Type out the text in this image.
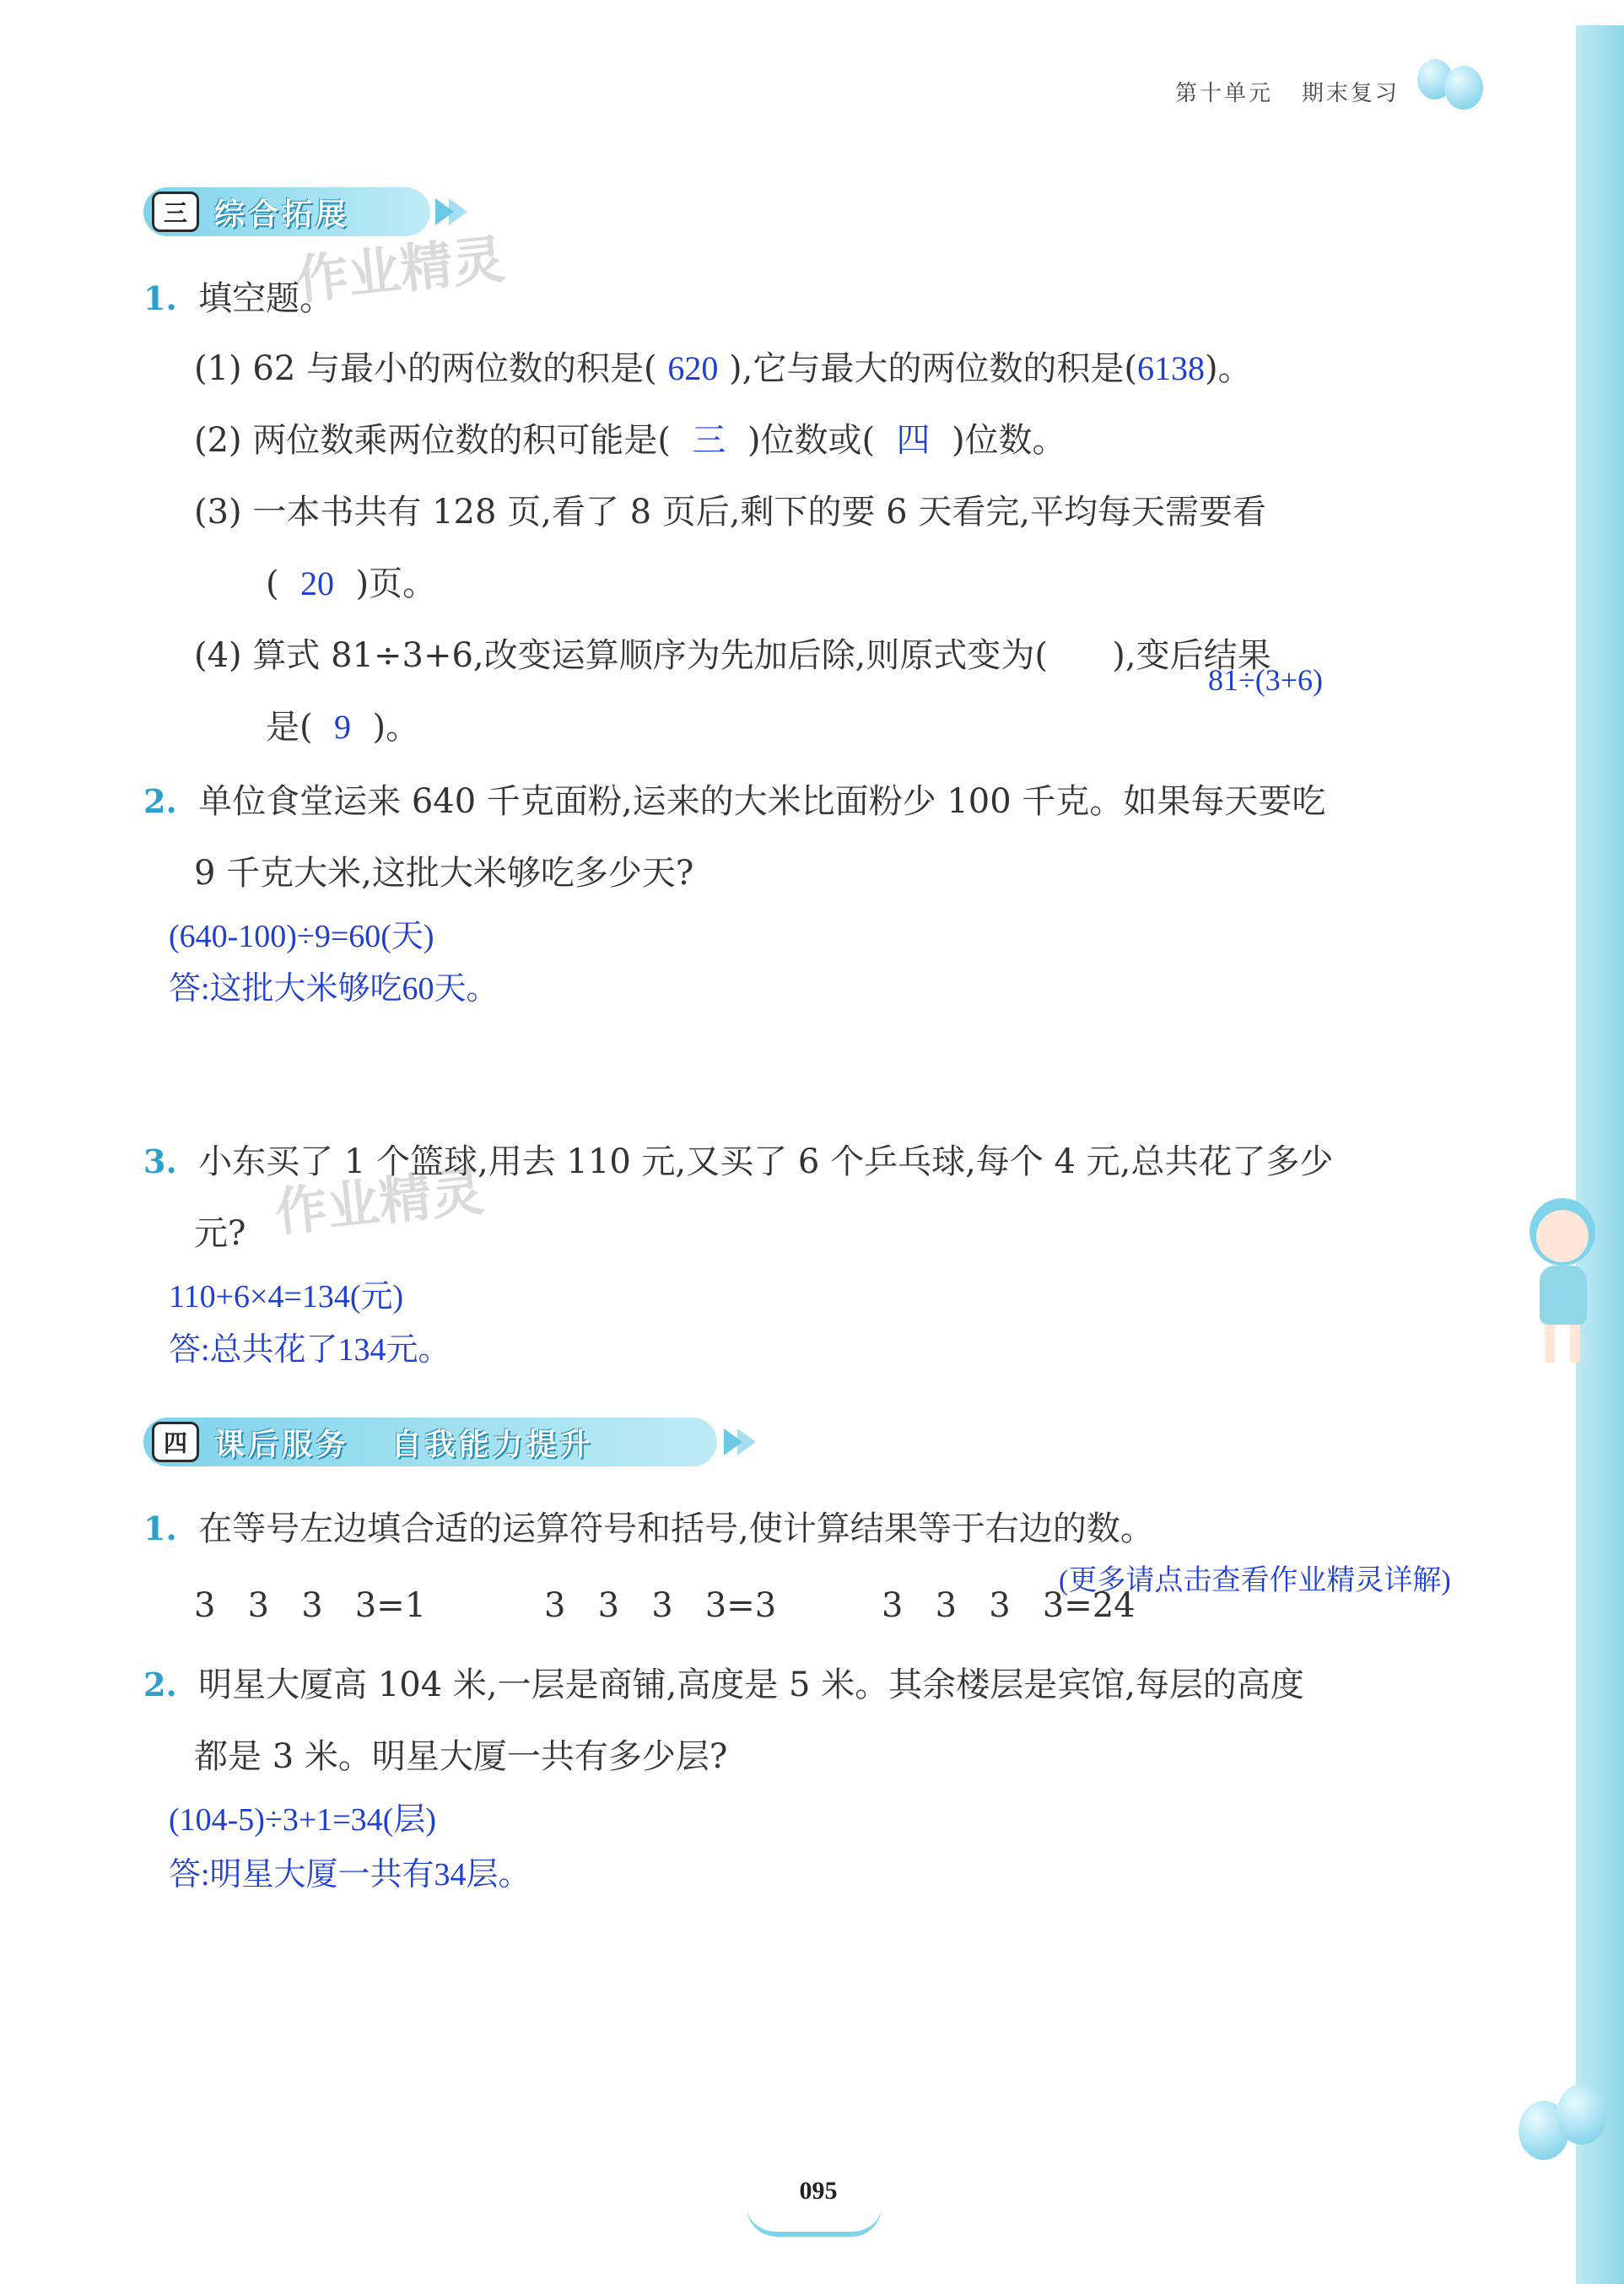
第十单元 期末复习
三 综合拓展
作业精灵
1. 填空题。
(1) 62 与最小的两位数的积是( 620 ),它与最大的两位数的积是(6138)。
(2) 两位数乘两位数的积可能是( 三 )位数或( 四 )位数。
(3) 一本书共有 128 页,看了 8 页后,剩下的要 6 天看完,平均每天需要看
( 20 )页。
(4) 算式 81÷3+6,改变运算顺序为先加后除,则原式变为( ),变后结果
81÷(3+6)
是( 9 )。
2. 单位食堂运来 640 千克面粉,运来的大米比面粉少 100 千克。如果每天要吃
9 千克大米,这批大米够吃多少天?
(640-100)÷9=60(天)
答:这批大米够吃60天。
3. 小东买了 1 个篮球,用去 110 元,又买了 6 个乒乓球,每个 4 元,总共花了多少
作业精灵
元?
110+6×4=134(元)
答:总共花了134元。
四 课后服务   自我能力提升
1. 在等号左边填合适的运算符号和括号,使计算结果等于右边的数。
(更多请点击查看作业精灵详解)
3   3   3   3=1	3   3   3   3=3	3   3   3   3=24
2. 明星大厦高 104 米,一层是商铺,高度是 5 米。其余楼层是宾馆,每层的高度
都是 3 米。明星大厦一共有多少层?
(104-5)÷3+1=34(层)
答:明星大厦一共有34层。
095
